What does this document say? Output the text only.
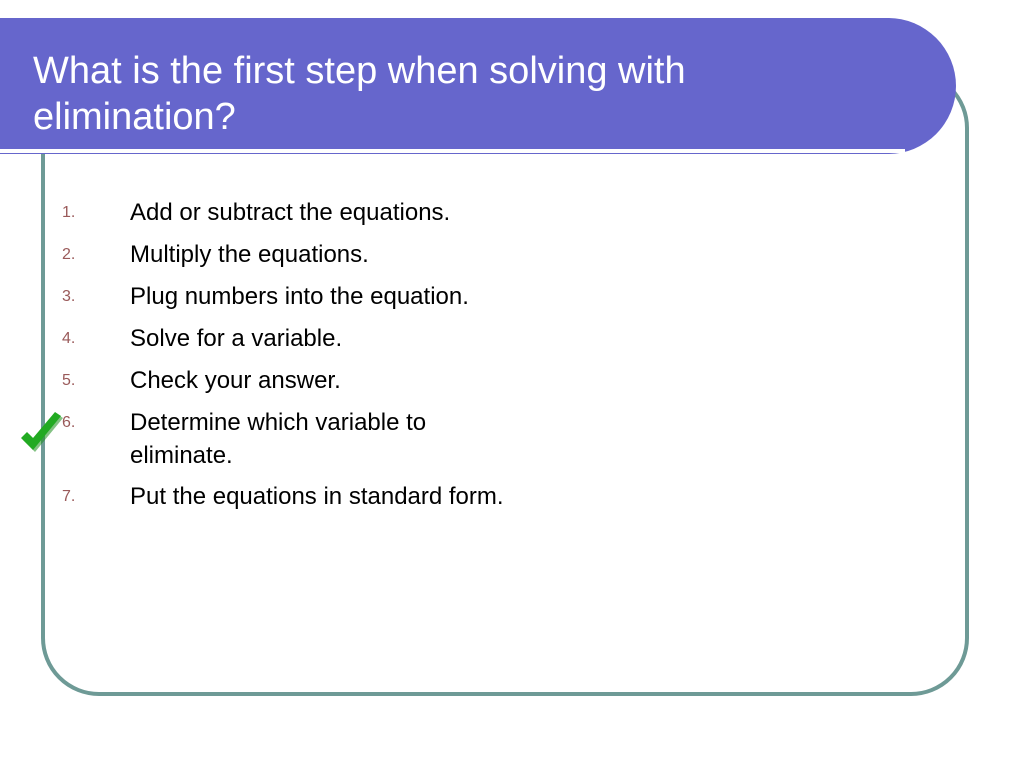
What is the first step when solving with elimination?
1.	Add or subtract the equations.
2.	Multiply the equations.
3.	Plug numbers into the equation.
4.	Solve for a variable.
5.	Check your answer.
6.	Determine which variable to eliminate.
7.	Put the equations in standard form.
